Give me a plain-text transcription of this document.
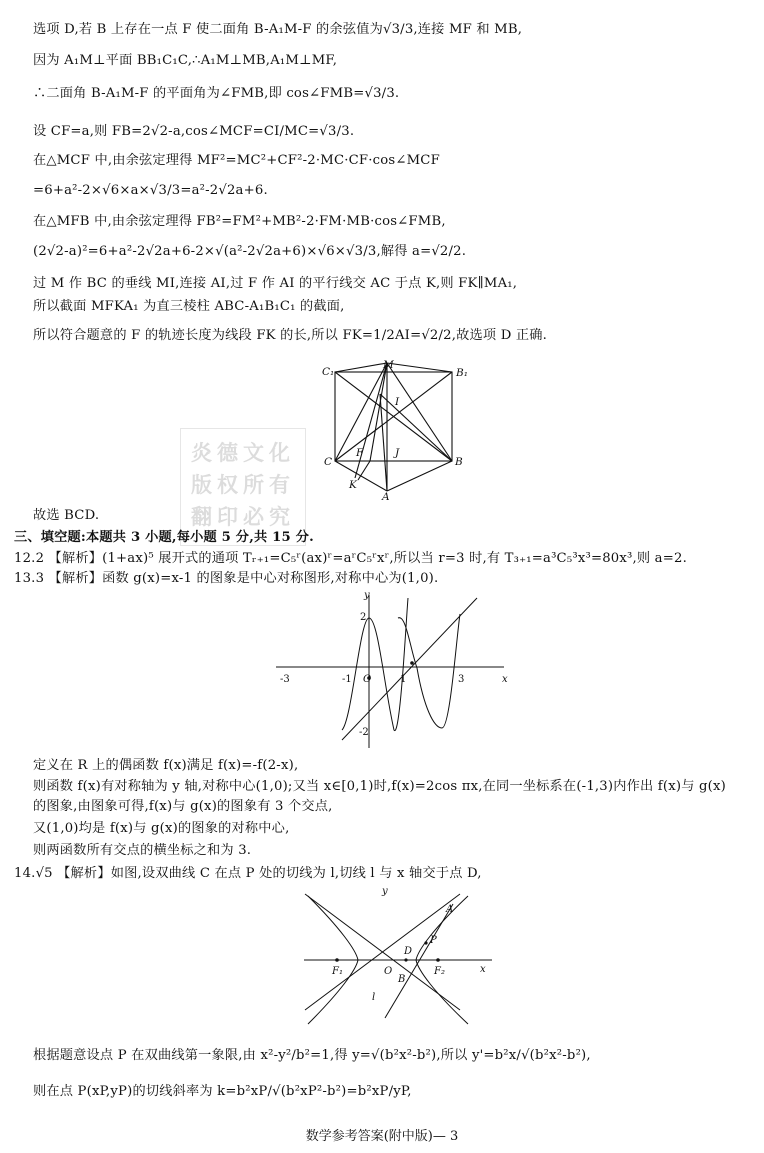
选项 D,若 B 上存在一点 F 使二面角 B-A₁M-F 的余弦值为√3/3,连接 MF 和 MB,
因为 A₁M⊥平面 BB₁C₁C,∴A₁M⊥MB,A₁M⊥MF,
∴二面角 B-A₁M-F 的平面角为∠FMB,即 cos∠FMB=√3/3.
设 CF=a,则 FB=2√2-a,cos∠MCF=CI/MC=√3/3.
在△MCF 中,由余弦定理得 MF²=MC²+CF²-2·MC·CF·cos∠MCF
=6+a²-2×√6×a×√3/3=a²-2√2a+6.
在△MFB 中,由余弦定理得 FB²=FM²+MB²-2·FM·MB·cos∠FMB,
(2√2-a)²=6+a²-2√2a+6-2×√(a²-2√2a+6)×√6×√3/3,解得 a=√2/2.
过 M 作 BC 的垂线 MI,连接 AI,过 F 作 AI 的平行线交 AC 于点 K,则 FK∥MA₁,
所以截面 MFKA₁ 为直三棱柱 ABC-A₁B₁C₁ 的截面,
所以符合题意的 F 的轨迹长度为线段 FK 的长,所以 FK=1/2AI=√2/2,故选项 D 正确.
C₁
M
B₁
I
C
F	J
B
K
A
炎德文化
版权所有
翻印必究
故选 BCD.
三、填空题:本题共 3 小题,每小题 5 分,共 15 分.
12.2 【解析】(1+ax)⁵ 展开式的通项 Tᵣ₊₁=C₅ʳ(ax)ʳ=aʳC₅ʳxʳ,所以当 r=3 时,有 T₃₊₁=a³C₅³x³=80x³,则 a=2.
13.3 【解析】函数 g(x)=x-1 的图象是中心对称图形,对称中心为(1,0).
y
2
-3	-1 O	1	3	x
-2
定义在 R 上的偶函数 f(x)满足 f(x)=-f(2-x),
则函数 f(x)有对称轴为 y 轴,对称中心(1,0);又当 x∈[0,1)时,f(x)=2cos πx,在同一坐标系在(-1,3)内作出 f(x)与 g(x)
的图象,由图象可得,f(x)与 g(x)的图象有 3 个交点,
又(1,0)均是 f(x)与 g(x)的图象的对称中心,
则两函数所有交点的横坐标之和为 3.
14.√5 【解析】如图,设双曲线 C 在点 P 处的切线为 l,切线 l 与 x 轴交于点 D,
y
A
D
P
F₁	O	F₂	x
B
l
根据题意设点 P 在双曲线第一象限,由 x²-y²/b²=1,得 y=√(b²x²-b²),所以 y'=b²x/√(b²x²-b²),
则在点 P(xP,yP)的切线斜率为 k=b²xP/√(b²xP²-b²)=b²xP/yP,
数学参考答案(附中版)— 3
